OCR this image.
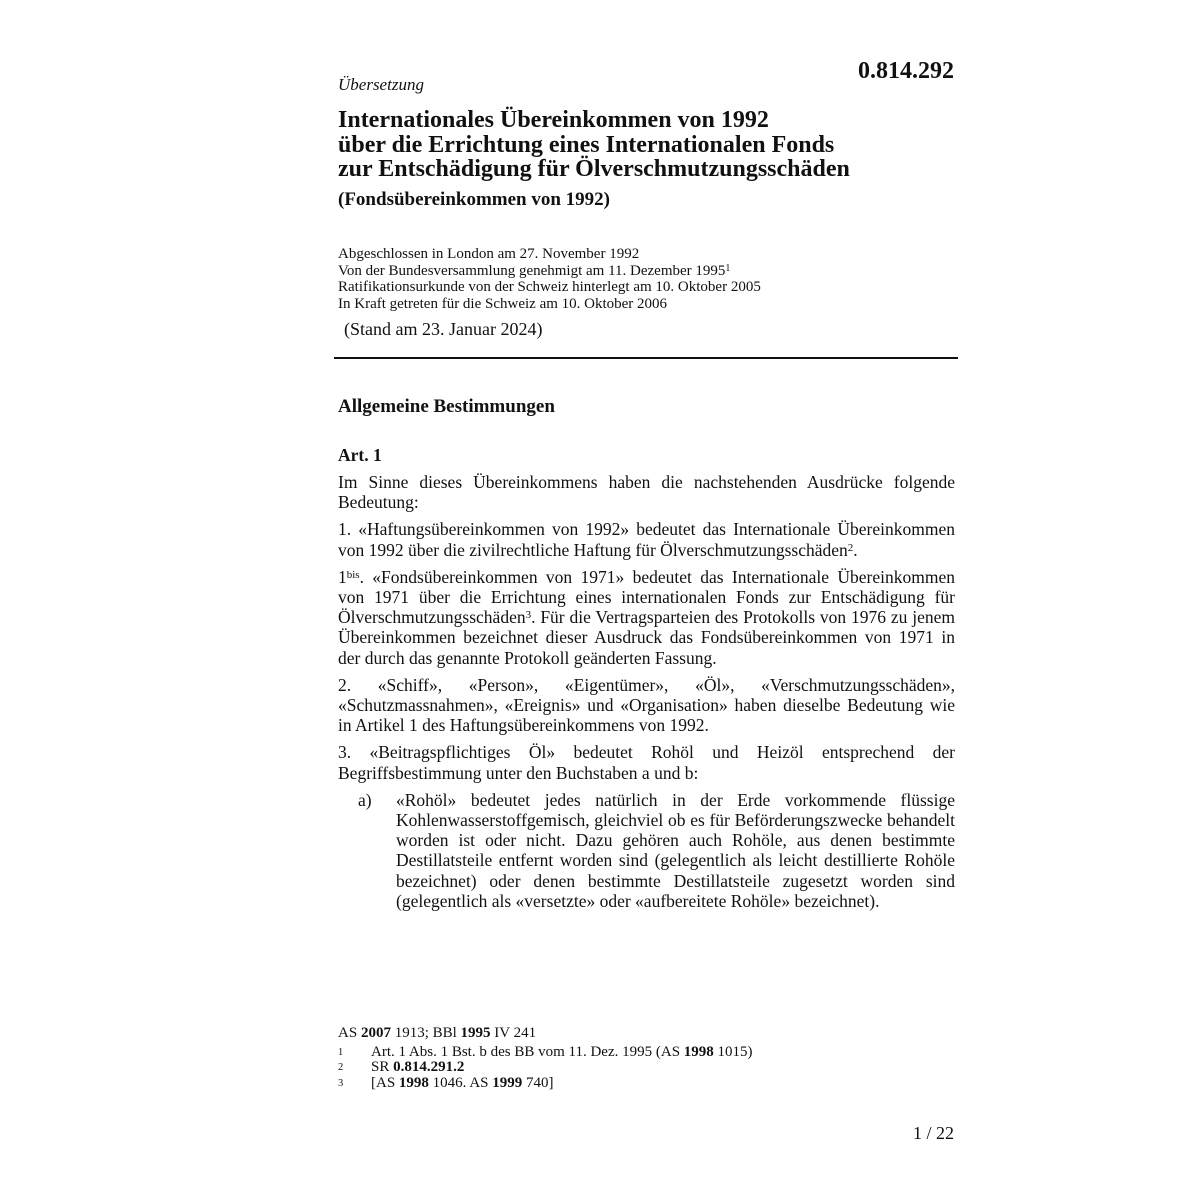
0.814.292
Übersetzung
Internationales Übereinkommen von 1992
über die Errichtung eines Internationalen Fonds
zur Entschädigung für Ölverschmutzungsschäden
(Fondsübereinkommen von 1992)
Abgeschlossen in London am 27. November 1992
Von der Bundesversammlung genehmigt am 11. Dezember 1995$^1$
Ratifikationsurkunde von der Schweiz hinterlegt am 10. Oktober 2005
In Kraft getreten für die Schweiz am 10. Oktober 2006
(Stand am 23. Januar 2024)
Allgemeine Bestimmungen
Art. 1

Im Sinne dieses Übereinkommens haben die nachstehenden Ausdrücke folgende Bedeutung:

1. «Haftungsübereinkommen von 1992» bedeutet das Internationale Übereinkommen von 1992 über die zivilrechtliche Haftung für Ölverschmutzungsschäden$^2$.

$1^{bis}$. «Fondsübereinkommen von 1971» bedeutet das Internationale Übereinkommen von 1971 über die Errichtung eines internationalen Fonds zur Entschädigung für Ölverschmutzungsschäden$^3$. Für die Vertragsparteien des Protokolls von 1976 zu jenem Übereinkommen bezeichnet dieser Ausdruck das Fondsübereinkommen von 1971 in der durch das genannte Protokoll geänderten Fassung.

2. «Schiff», «Person», «Eigentümer», «Öl», «Verschmutzungsschäden», «Schutzmassnahmen», «Ereignis» und «Organisation» haben dieselbe Bedeutung wie in Artikel 1 des Haftungsübereinkommens von 1992.

3. «Beitragspflichtiges Öl» bedeutet Rohöl und Heizöl entsprechend der Begriffsbestimmung unter den Buchstaben a und b:

a)	«Rohöl» bedeutet jedes natürlich in der Erde vorkommende flüssige Kohlenwasserstoffgemisch, gleichviel ob es für Beförderungszwecke behandelt worden ist oder nicht. Dazu gehören auch Rohöle, aus denen bestimmte Destillatsteile entfernt worden sind (gelegentlich als leicht destillierte Rohöle bezeichnet) oder denen bestimmte Destillatsteile zugesetzt worden sind (gelegentlich als «versetzte» oder «aufbereitete Rohöle» bezeichnet).
AS 2007 1913; BBl 1995 IV 241
1	Art. 1 Abs. 1 Bst. b des BB vom 11. Dez. 1995 (AS 1998 1015)
2	SR 0.814.291.2
3	[AS 1998 1046. AS 1999 740]
1 / 22
